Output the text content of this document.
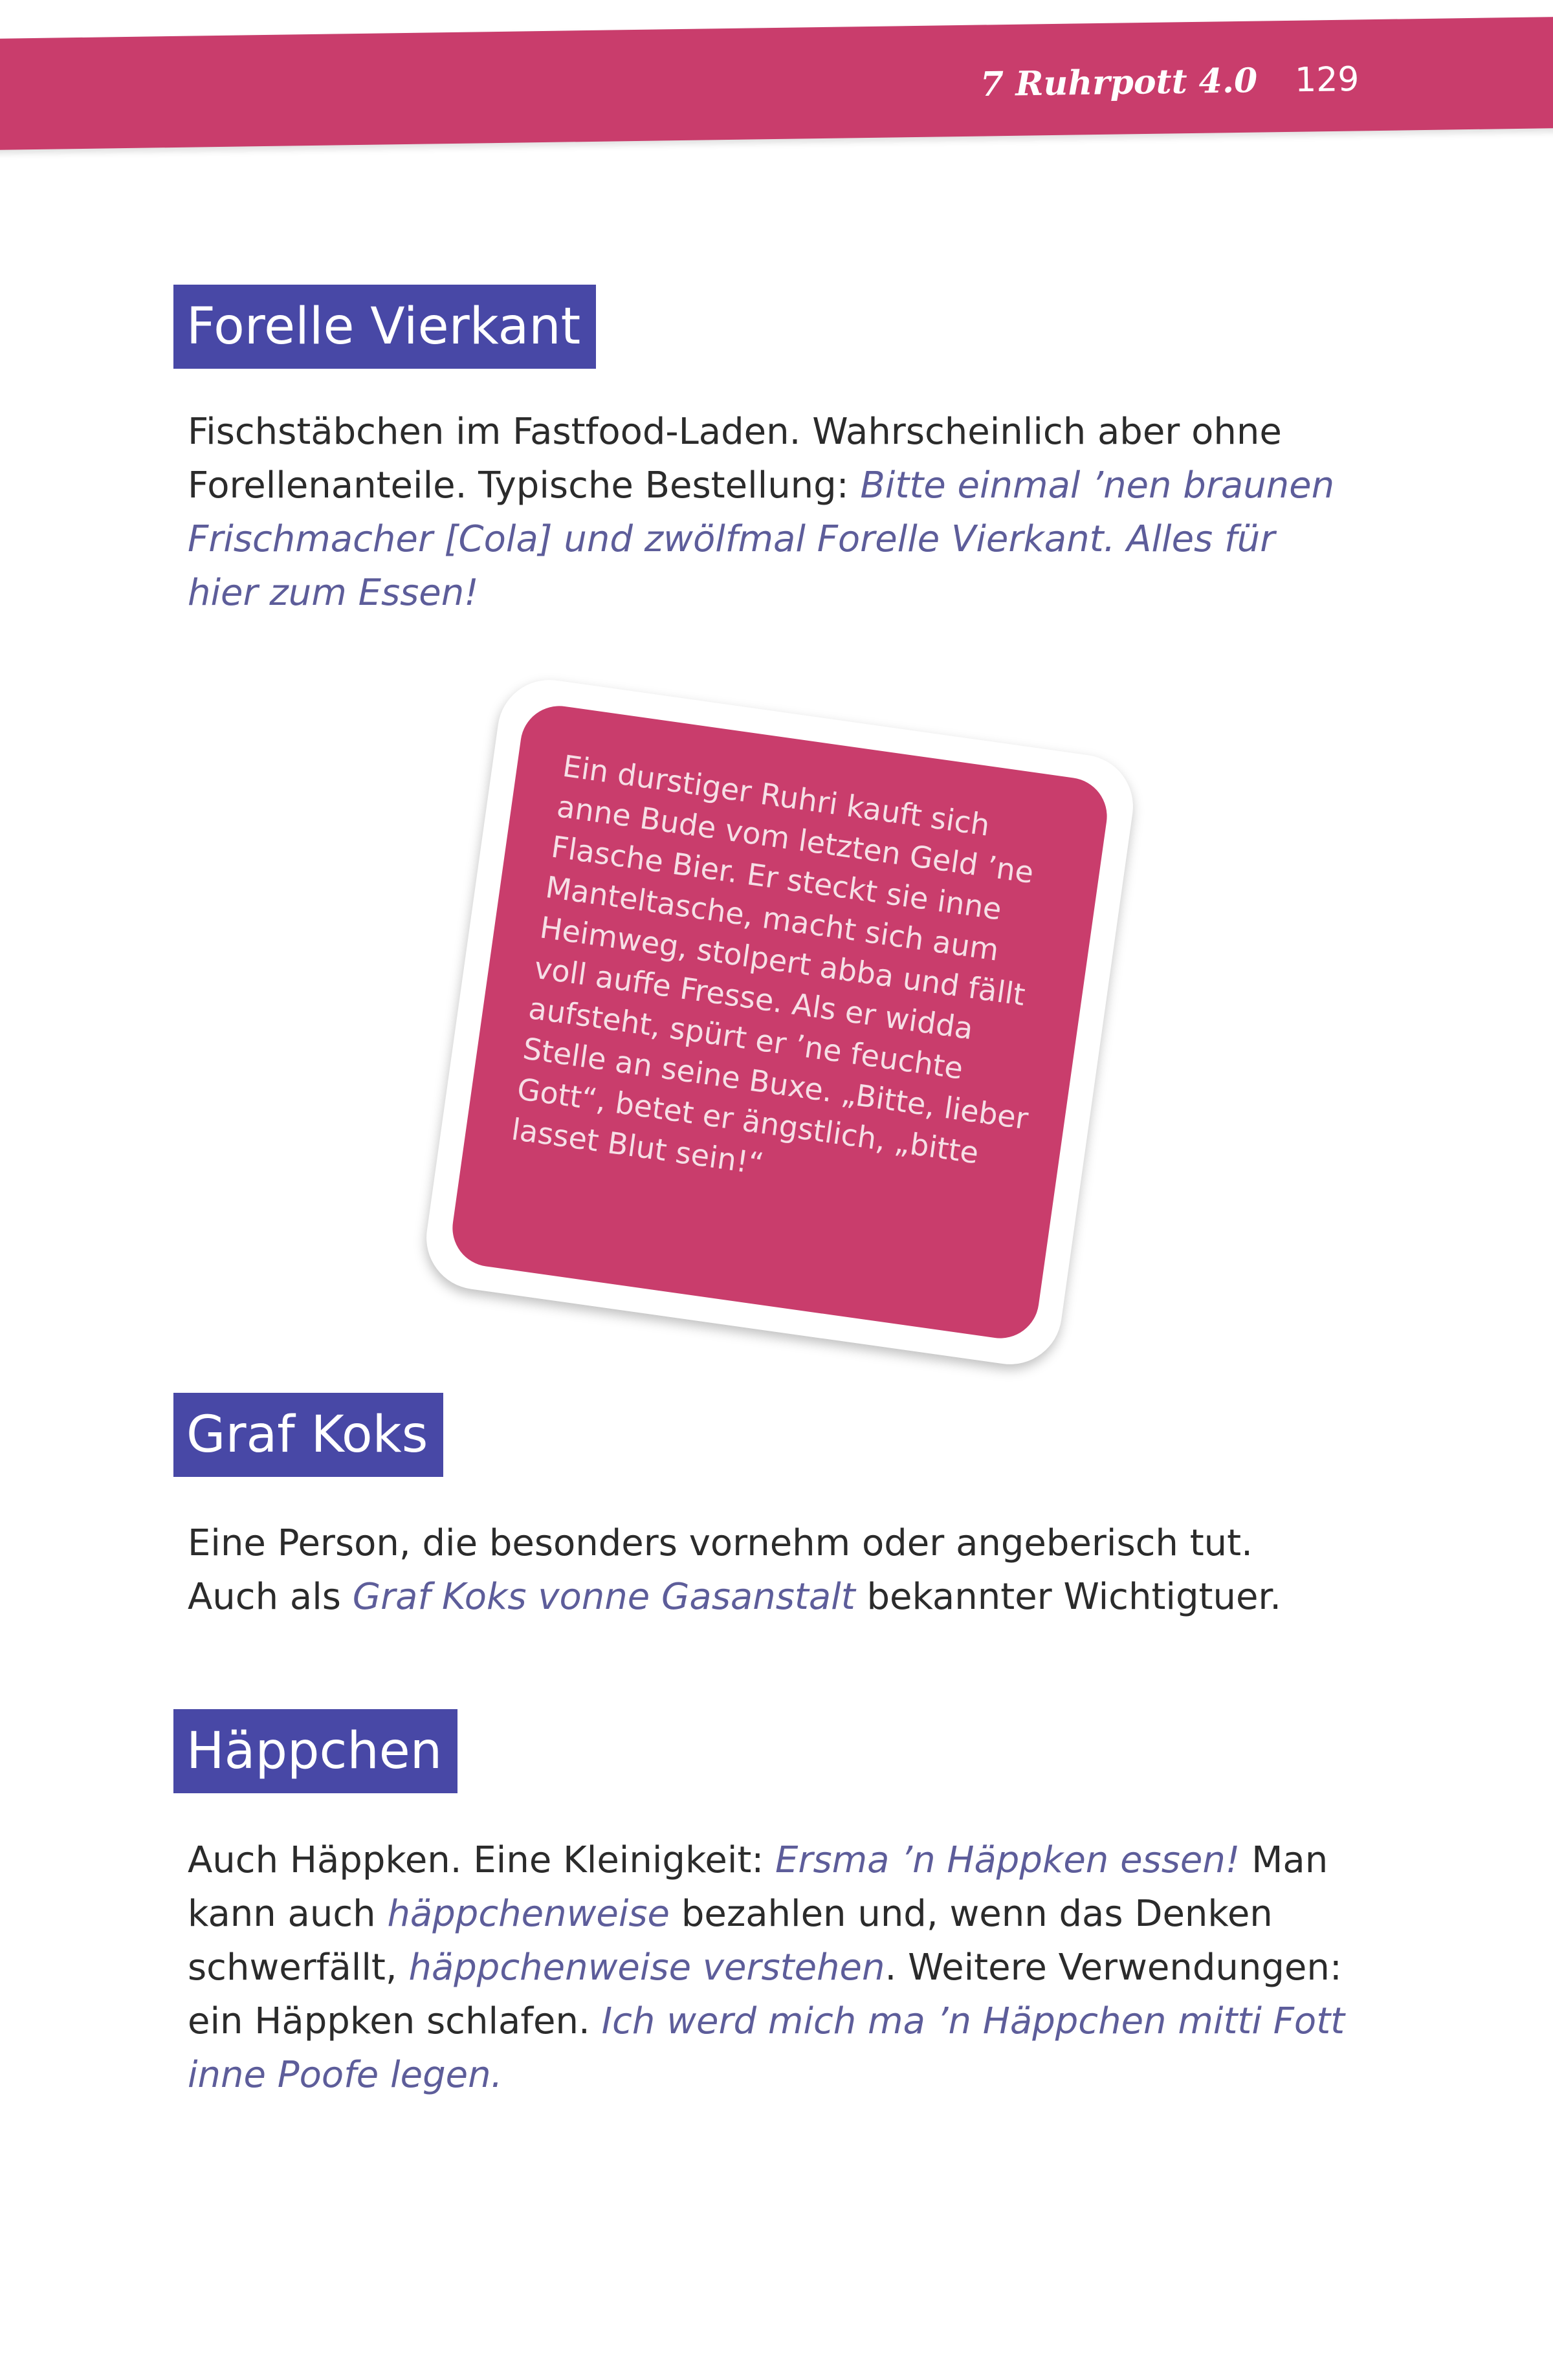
7 Ruhrpott 4.0 129
Forelle Vierkant

Fischstäbchen im Fastfood-Laden. Wahrscheinlich aber ohne Forellenanteile. Typische Bestellung: Bitte einmal ’nen braunen Frischmacher [Cola] und zwölfmal Forelle Vierkant. Alles für hier zum Essen!

Ein durstiger Ruhri kauft sich anne Bude vom letzten Geld ’ne Flasche Bier. Er steckt sie inne Manteltasche, macht sich aum Heimweg, stolpert abba und fällt voll auffe Fresse. Als er widda aufsteht, spürt er ’ne feuchte Stelle an seine Buxe. „Bitte, lieber Gott“, betet er ängstlich, „bitte lasset Blut sein!“

Graf Koks

Eine Person, die besonders vornehm oder angeberisch tut. Auch als Graf Koks vonne Gasanstalt bekannter Wichtigtuer.

Häppchen

Auch Häppken. Eine Kleinigkeit: Ersma ’n Häppken essen! Man kann auch häppchenweise bezahlen und, wenn das Denken schwerfällt, häppchenweise verstehen. Weitere Verwendungen: ein Häppken schlafen. Ich werd mich ma ’n Häppchen mitti Fott inne Poofe legen.
